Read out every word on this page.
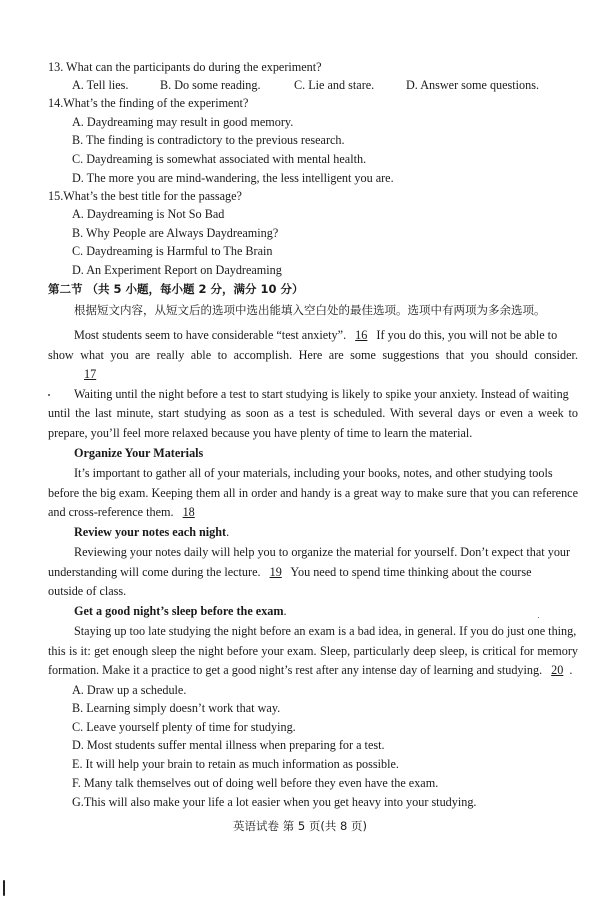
13. What can the participants do during the experiment?
A. Tell lies.	B. Do some reading.	C. Lie and stare.	D. Answer some questions.
14.What’s the finding of the experiment?
A. Daydreaming may result in good memory.
B. The finding is contradictory to the previous research.
C. Daydreaming is somewhat associated with mental health.
D. The more you are mind-wandering, the less intelligent you are.
15.What’s the best title for the passage?
A. Daydreaming is Not So Bad
B. Why People are Always Daydreaming?
C. Daydreaming is Harmful to The Brain
D. An Experiment Report on Daydreaming
第二节 （共 5 小题，每小题 2 分，满分 10 分）
根据短文内容，从短文后的选项中选出能填入空白处的最佳选项。选项中有两项为多余选项。
Most students seem to have considerable “test anxiety”. 16 If you do this, you will not be able to
show what you are really able to accomplish. Here are some suggestions that you should consider.
17
Waiting until the night before a test to start studying is likely to spike your anxiety. Instead of waiting
until the last minute, start studying as soon as a test is scheduled. With several days or even a week to
prepare, you’ll feel more relaxed because you have plenty of time to learn the material.
Organize Your Materials
It’s important to gather all of your materials, including your books, notes, and other studying tools
before the big exam. Keeping them all in order and handy is a great way to make sure that you can reference
and cross-reference them. 18
Review your notes each night.
Reviewing your notes daily will help you to organize the material for yourself. Don’t expect that your
understanding will come during the lecture. 19 You need to spend time thinking about the course
outside of class.
Get a good night’s sleep before the exam.
Staying up too late studying the night before an exam is a bad idea, in general. If you do just one thing,
this is it: get enough sleep the night before your exam. Sleep, particularly deep sleep, is critical for memory
formation. Make it a practice to get a good night’s rest after any intense day of learning and studying. 20 .
A. Draw up a schedule.
B. Learning simply doesn’t work that way.
C. Leave yourself plenty of time for studying.
D. Most students suffer mental illness when preparing for a test.
E. It will help your brain to retain as much information as possible.
F. Many talk themselves out of doing well before they even have the exam.
G.This will also make your life a lot easier when you get heavy into your studying.
英语试卷 第 5 页(共 8 页)
